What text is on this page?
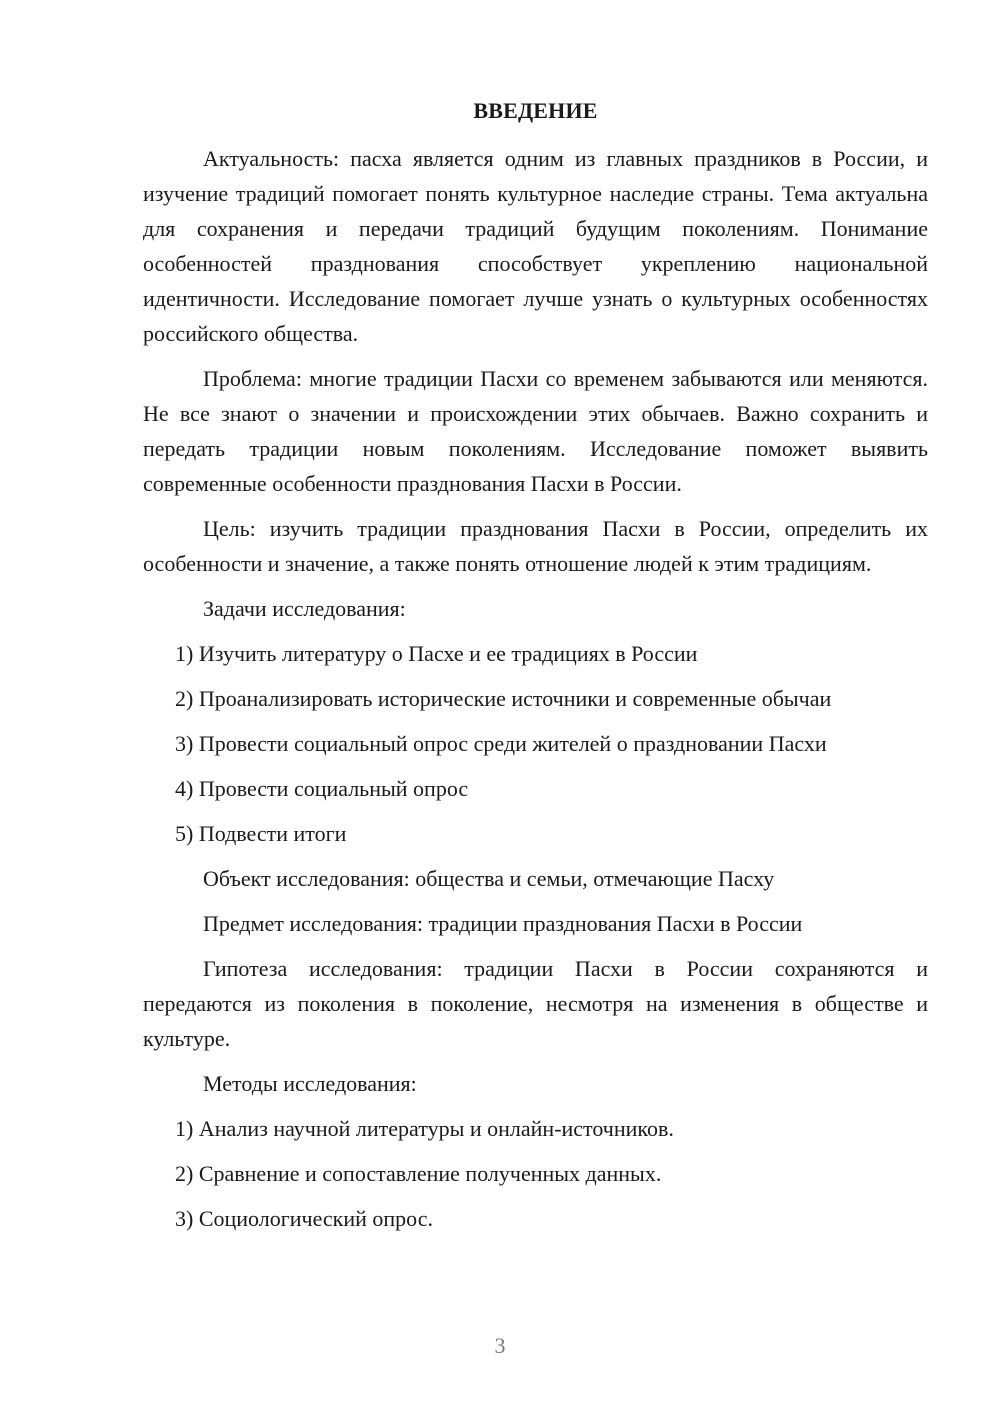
ВВЕДЕНИЕ

Актуальность: пасха является одним из главных праздников в России, и изучение традиций помогает понять культурное наследие страны. Тема актуальна для сохранения и передачи традиций будущим поколениям. Понимание особенностей празднования способствует укреплению национальной идентичности. Исследование помогает лучше узнать о культурных особенностях российского общества.

Проблема: многие традиции Пасхи со временем забываются или меняются. Не все знают о значении и происхождении этих обычаев. Важно сохранить и передать традиции новым поколениям. Исследование поможет выявить современные особенности празднования Пасхи в России.

Цель: изучить традиции празднования Пасхи в России, определить их особенности и значение, а также понять отношение людей к этим традициям.

Задачи исследования:

1) Изучить литературу о Пасхе и ее традициях в России

2) Проанализировать исторические источники и современные обычаи

3) Провести социальный опрос среди жителей о праздновании Пасхи

4) Провести социальный опрос

5) Подвести итоги

Объект исследования: общества и семьи, отмечающие Пасху

Предмет исследования: традиции празднования Пасхи в России

Гипотеза исследования: традиции Пасхи в России сохраняются и передаются из поколения в поколение, несмотря на изменения в обществе и культуре.

Методы исследования:

1) Анализ научной литературы и онлайн-источников.

2) Сравнение и сопоставление полученных данных.

3) Социологический опрос.

3
